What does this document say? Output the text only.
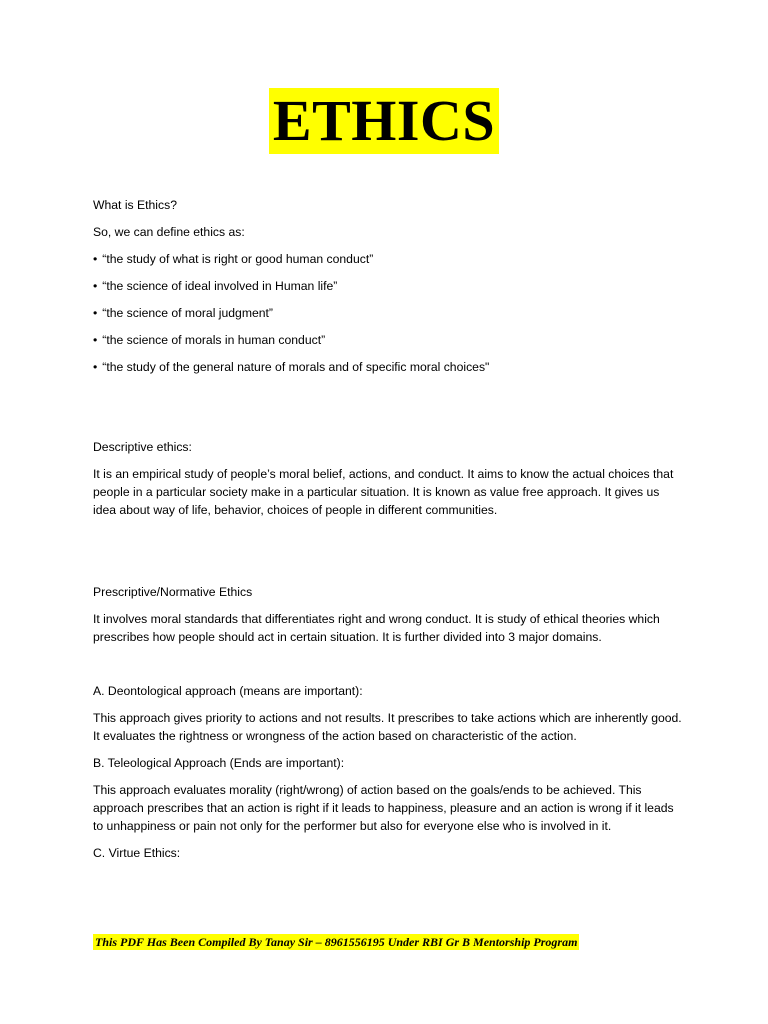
ETHICS

What is Ethics?

So, we can define ethics as:

• “the study of what is right or good human conduct”

• “the science of ideal involved in Human life”

• “the science of moral judgment”

• “the science of morals in human conduct”

• “the study of the general nature of morals and of specific moral choices"

Descriptive ethics:

It is an empirical study of people’s moral belief, actions, and conduct. It aims to know the actual choices that people in a particular society make in a particular situation. It is known as value free approach. It gives us idea about way of life, behavior, choices of people in different communities.

Prescriptive/Normative Ethics

It involves moral standards that differentiates right and wrong conduct. It is study of ethical theories which prescribes how people should act in certain situation. It is further divided into 3 major domains.

A. Deontological approach (means are important):

This approach gives priority to actions and not results. It prescribes to take actions which are inherently good. It evaluates the rightness or wrongness of the action based on characteristic of the action.

B. Teleological Approach (Ends are important):

This approach evaluates morality (right/wrong) of action based on the goals/ends to be achieved. This approach prescribes that an action is right if it leads to happiness, pleasure and an action is wrong if it leads to unhappiness or pain not only for the performer but also for everyone else who is involved in it.

C. Virtue Ethics:

This PDF Has Been Compiled By Tanay Sir – 8961556195 Under RBI Gr B Mentorship Program
